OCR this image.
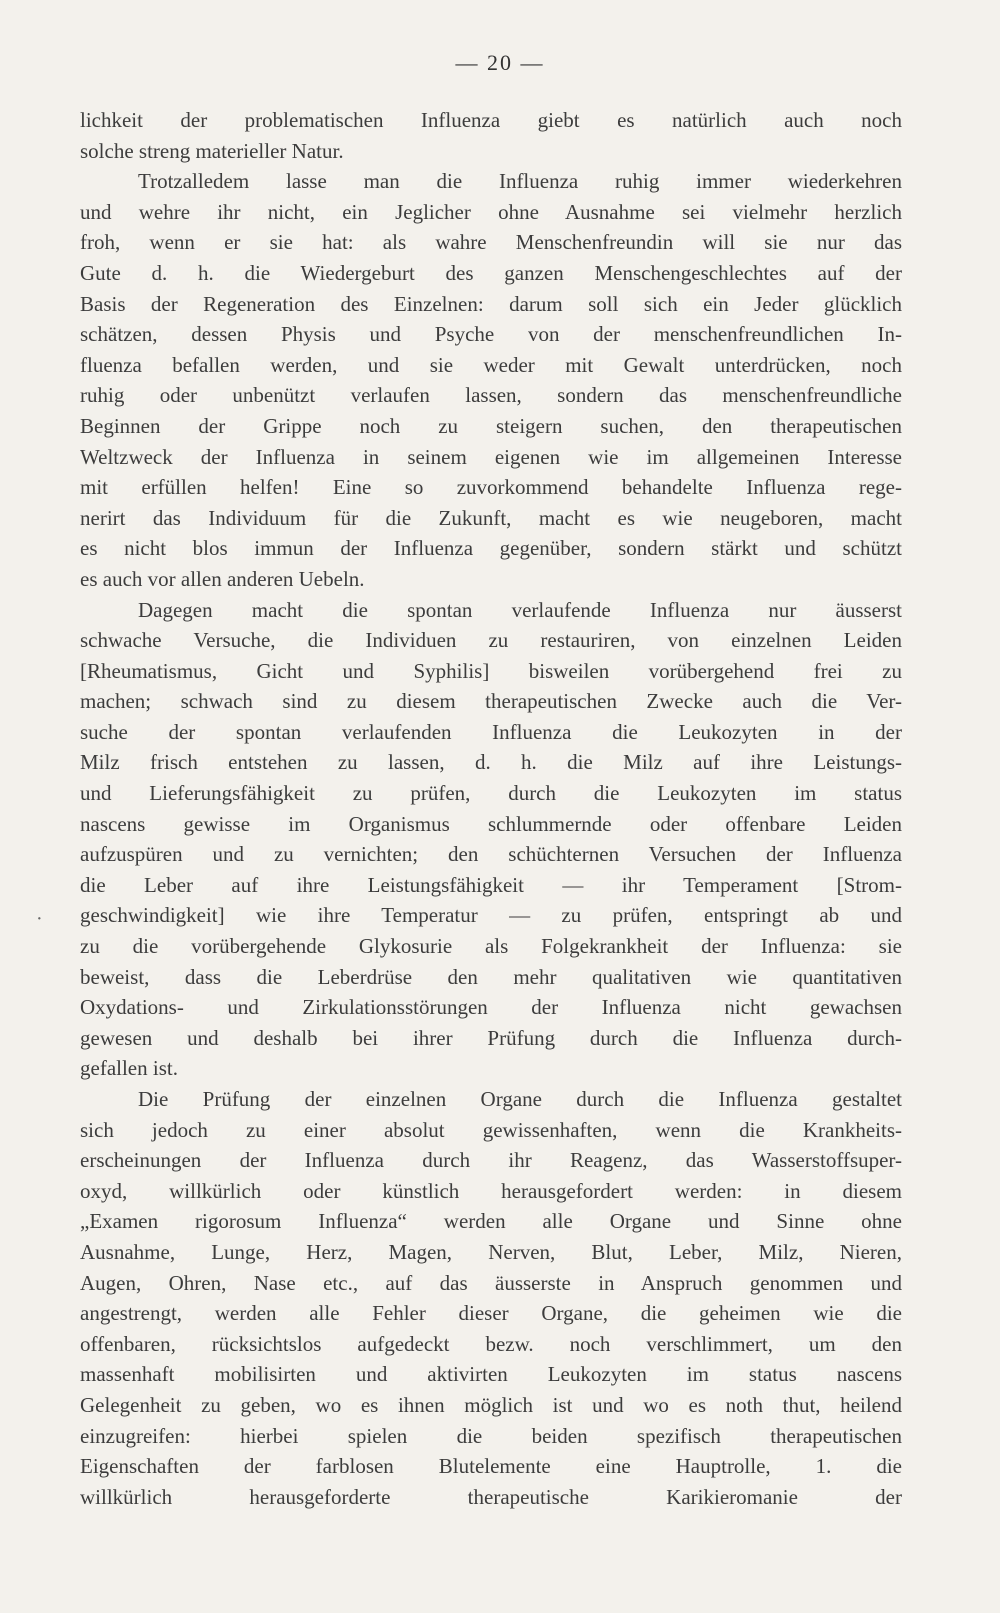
— 20 —
·
lichkeit der problematischen Influenza giebt es natürlich auch noch
solche streng materieller Natur.
Trotzalledem lasse man die Influenza ruhig immer wiederkehren
und wehre ihr nicht, ein Jeglicher ohne Ausnahme sei vielmehr herzlich
froh, wenn er sie hat: als wahre Menschenfreundin will sie nur das
Gute d. h. die Wiedergeburt des ganzen Menschengeschlechtes auf der
Basis der Regeneration des Einzelnen: darum soll sich ein Jeder glücklich
schätzen, dessen Physis und Psyche von der menschenfreundlichen In-
fluenza befallen werden, und sie weder mit Gewalt unterdrücken, noch
ruhig oder unbenützt verlaufen lassen, sondern das menschenfreundliche
Beginnen der Grippe noch zu steigern suchen, den therapeutischen
Weltzweck der Influenza in seinem eigenen wie im allgemeinen Interesse
mit erfüllen helfen! Eine so zuvorkommend behandelte Influenza rege-
nerirt das Individuum für die Zukunft, macht es wie neugeboren, macht
es nicht blos immun der Influenza gegenüber, sondern stärkt und schützt
es auch vor allen anderen Uebeln.
Dagegen macht die spontan verlaufende Influenza nur äusserst
schwache Versuche, die Individuen zu restauriren, von einzelnen Leiden
[Rheumatismus, Gicht und Syphilis] bisweilen vorübergehend frei zu
machen; schwach sind zu diesem therapeutischen Zwecke auch die Ver-
suche der spontan verlaufenden Influenza die Leukozyten in der
Milz frisch entstehen zu lassen, d. h. die Milz auf ihre Leistungs-
und Lieferungsfähigkeit zu prüfen, durch die Leukozyten im status
nascens gewisse im Organismus schlummernde oder offenbare Leiden
aufzuspüren und zu vernichten; den schüchternen Versuchen der Influenza
die Leber auf ihre Leistungsfähigkeit — ihr Temperament [Strom-
geschwindigkeit] wie ihre Temperatur — zu prüfen, entspringt ab und
zu die vorübergehende Glykosurie als Folgekrankheit der Influenza: sie
beweist, dass die Leberdrüse den mehr qualitativen wie quantitativen
Oxydations- und Zirkulationsstörungen der Influenza nicht gewachsen
gewesen und deshalb bei ihrer Prüfung durch die Influenza durch-
gefallen ist.
Die Prüfung der einzelnen Organe durch die Influenza gestaltet
sich jedoch zu einer absolut gewissenhaften, wenn die Krankheits-
erscheinungen der Influenza durch ihr Reagenz, das Wasserstoffsuper-
oxyd, willkürlich oder künstlich herausgefordert werden: in diesem
„Examen rigorosum Influenza“ werden alle Organe und Sinne ohne
Ausnahme, Lunge, Herz, Magen, Nerven, Blut, Leber, Milz, Nieren,
Augen, Ohren, Nase etc., auf das äusserste in Anspruch genommen und
angestrengt, werden alle Fehler dieser Organe, die geheimen wie die
offenbaren, rücksichtslos aufgedeckt bezw. noch verschlimmert, um den
massenhaft mobilisirten und aktivirten Leukozyten im status nascens
Gelegenheit zu geben, wo es ihnen möglich ist und wo es noth thut, heilend
einzugreifen: hierbei spielen die beiden spezifisch therapeutischen
Eigenschaften der farblosen Blutelemente eine Hauptrolle, 1. die
willkürlich herausgeforderte therapeutische Karikieromanie der
